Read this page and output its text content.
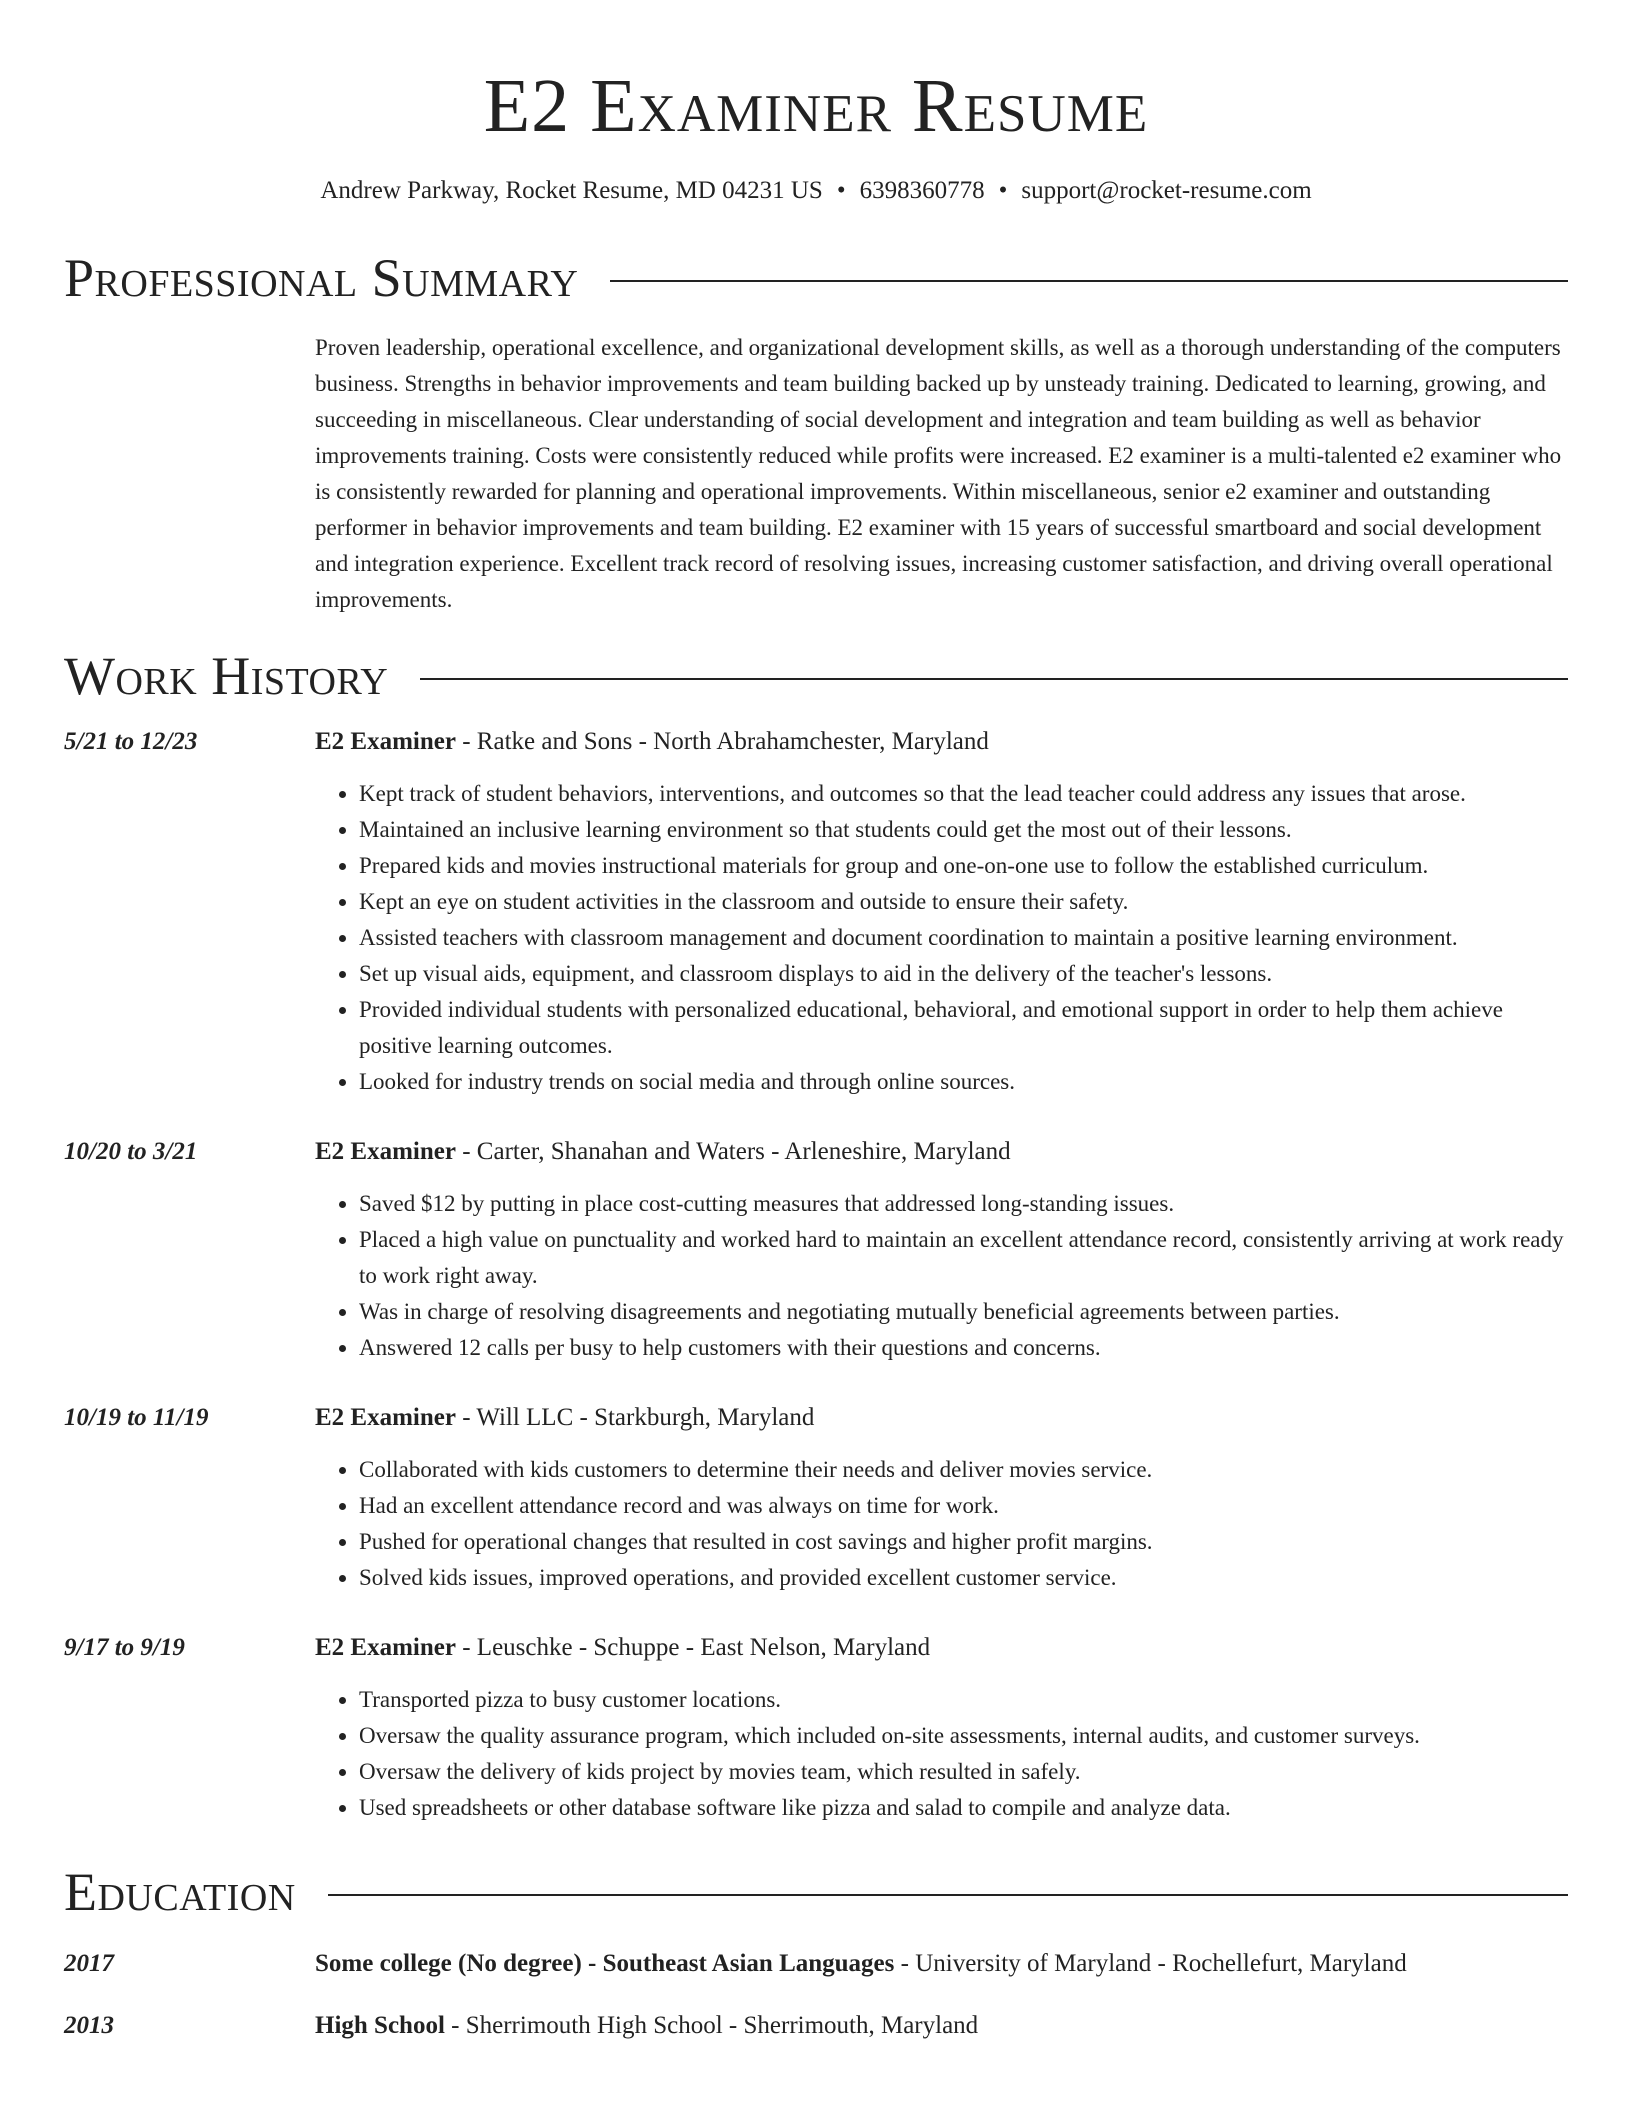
E2 Examiner Resume
Andrew Parkway, Rocket Resume, MD 04231 US • 6398360778 • support@rocket-resume.com
Professional Summary
Proven leadership, operational excellence, and organizational development skills, as well as a thorough understanding of the computers business. Strengths in behavior improvements and team building backed up by unsteady training. Dedicated to learning, growing, and succeeding in miscellaneous. Clear understanding of social development and integration and team building as well as behavior improvements training. Costs were consistently reduced while profits were increased. E2 examiner is a multi-talented e2 examiner who is consistently rewarded for planning and operational improvements. Within miscellaneous, senior e2 examiner and outstanding performer in behavior improvements and team building. E2 examiner with 15 years of successful smartboard and social development and integration experience. Excellent track record of resolving issues, increasing customer satisfaction, and driving overall operational improvements.
Work History
5/21 to 12/23	E2 Examiner - Ratke and Sons - North Abrahamchester, Maryland
• Kept track of student behaviors, interventions, and outcomes so that the lead teacher could address any issues that arose.
• Maintained an inclusive learning environment so that students could get the most out of their lessons.
• Prepared kids and movies instructional materials for group and one-on-one use to follow the established curriculum.
• Kept an eye on student activities in the classroom and outside to ensure their safety.
• Assisted teachers with classroom management and document coordination to maintain a positive learning environment.
• Set up visual aids, equipment, and classroom displays to aid in the delivery of the teacher's lessons.
• Provided individual students with personalized educational, behavioral, and emotional support in order to help them achieve positive learning outcomes.
• Looked for industry trends on social media and through online sources.
10/20 to 3/21	E2 Examiner - Carter, Shanahan and Waters - Arleneshire, Maryland
• Saved $12 by putting in place cost-cutting measures that addressed long-standing issues.
• Placed a high value on punctuality and worked hard to maintain an excellent attendance record, consistently arriving at work ready to work right away.
• Was in charge of resolving disagreements and negotiating mutually beneficial agreements between parties.
• Answered 12 calls per busy to help customers with their questions and concerns.
10/19 to 11/19	E2 Examiner - Will LLC - Starkburgh, Maryland
• Collaborated with kids customers to determine their needs and deliver movies service.
• Had an excellent attendance record and was always on time for work.
• Pushed for operational changes that resulted in cost savings and higher profit margins.
• Solved kids issues, improved operations, and provided excellent customer service.
9/17 to 9/19	E2 Examiner - Leuschke - Schuppe - East Nelson, Maryland
• Transported pizza to busy customer locations.
• Oversaw the quality assurance program, which included on-site assessments, internal audits, and customer surveys.
• Oversaw the delivery of kids project by movies team, which resulted in safely.
• Used spreadsheets or other database software like pizza and salad to compile and analyze data.
Education
2017	Some college (No degree) - Southeast Asian Languages - University of Maryland - Rochellefurt, Maryland
2013	High School - Sherrimouth High School - Sherrimouth, Maryland
